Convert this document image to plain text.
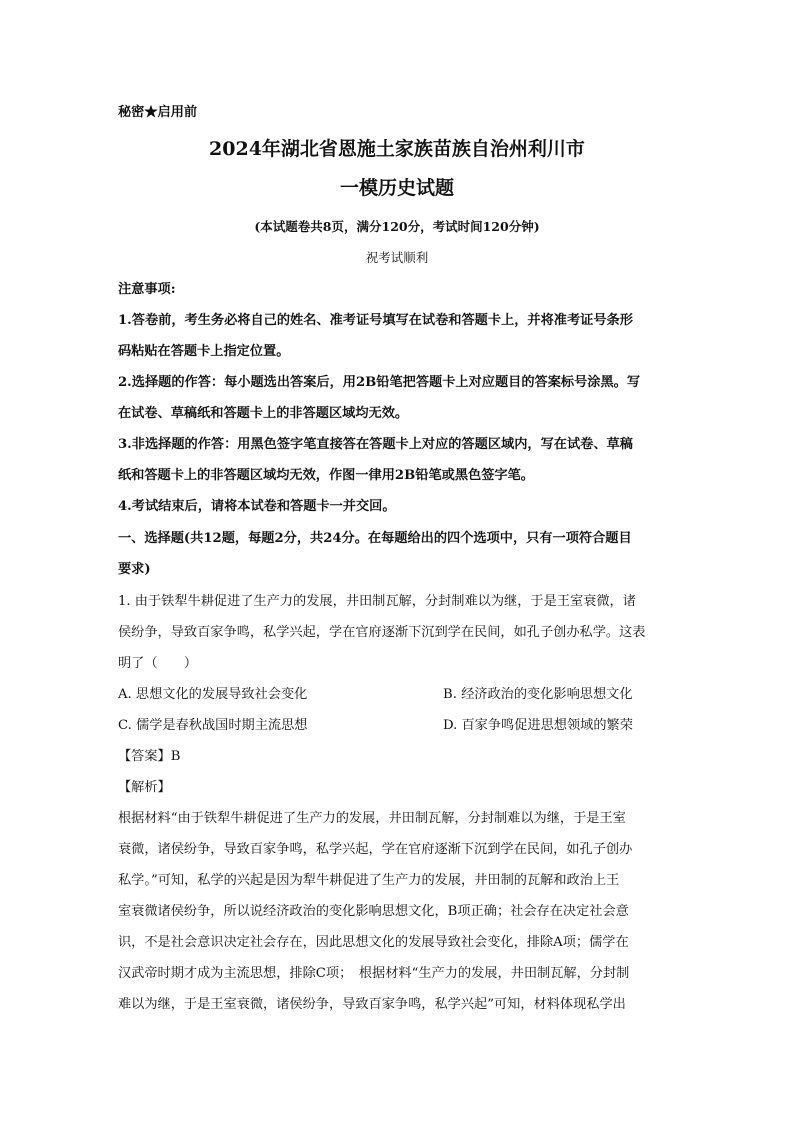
秘密★启用前
2024年湖北省恩施土家族苗族自治州利川市
一模历史试题
(本试题卷共8页，满分120分，考试时间120分钟)
祝考试顺利
注意事项:
1.答卷前，考生务必将自己的姓名、准考证号填写在试卷和答题卡上，并将准考证号条形
码粘贴在答题卡上指定位置。
2.选择题的作答：每小题选出答案后，用2B铅笔把答题卡上对应题目的答案标号涂黑。写
在试卷、草稿纸和答题卡上的非答题区域均无效。
3.非选择题的作答：用黑色签字笔直接答在答题卡上对应的答题区域内，写在试卷、草稿
纸和答题卡上的非答题区域均无效，作图一律用2B铅笔或黑色签字笔。
4.考试结束后，请将本试卷和答题卡一并交回。
一、选择题(共12题，每题2分，共24分。在每题给出的四个选项中，只有一项符合题目
要求)
1. 由于铁犁牛耕促进了生产力的发展，井田制瓦解，分封制难以为继，于是王室衰微，诸
侯纷争，导致百家争鸣，私学兴起，学在官府逐渐下沉到学在民间，如孔子创办私学。这表
明了（　　）
A. 思想文化的发展导致社会变化	B. 经济政治的变化影响思想文化
C. 儒学是春秋战国时期主流思想	D. 百家争鸣促进思想领域的繁荣
【答案】B
【解析】
根据材料“由于铁犁牛耕促进了生产力的发展，井田制瓦解，分封制难以为继，于是王室
衰微，诸侯纷争，导致百家争鸣，私学兴起，学在官府逐渐下沉到学在民间，如孔子创办
私学。”可知，私学的兴起是因为犁牛耕促进了生产力的发展，井田制的瓦解和政治上王
室衰微诸侯纷争，所以说经济政治的变化影响思想文化，B项正确；社会存在决定社会意
识，不是社会意识决定社会存在，因此思想文化的发展导致社会变化，排除A项；儒学在
汉武帝时期才成为主流思想，排除C项；　根据材料“生产力的发展，井田制瓦解，分封制
难以为继，于是王室衰微，诸侯纷争，导致百家争鸣，私学兴起”可知，材料体现私学出
